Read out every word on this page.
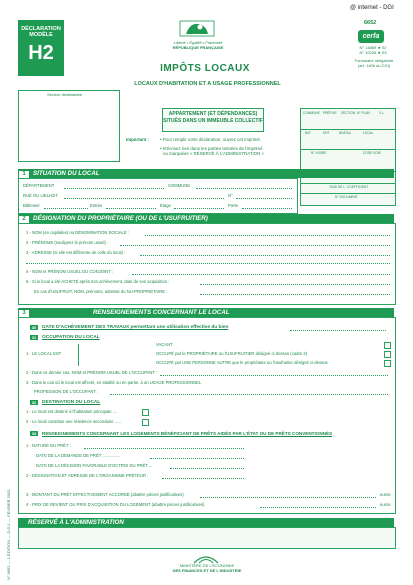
DÉCLARATION
MODÈLE
H2	Liberté • Égalité • Fraternité
RÉPUBLIQUE FRANÇAISE
@ internet - DGI
6652
cerfa
N° 14869 ★ 02
N° 10026 ★ 03
Formulaire obligatoire
(art. 1406 du CGI)
IMPÔTS LOCAUX
LOCAUX D'HABITATION ET A USAGE PROFESSIONNEL
Service destinataire
APPARTEMENT (ET DÉPENDANCES)
SITUÉS DANS UN IMMEUBLE COLLECTIF
Important :	• Pour remplir votre déclaration, ouvrez cet imprimé.
• N'écrivez rien dans les parties teintées de l'imprimé
ou marquées « RÉSERVÉ À L'ADMINISTRATION »
COMMUNE PRÉFIXE SECTION N° PLAN	V.L.
BAT	ENT	NIVEAU	LOCAL
N° VOIRIE	CODE VOIE
TAXE DE L' COEFFICIENT
N° DOCUMENT
1 SITUATION DU LOCAL
DÉPARTEMENT	COMMUNE
RUE OU LIEU-DIT	N°
Bâtiment	Entrée	Étage	Porte
2 DÉSIGNATION DU PROPRIÉTAIRE (OU DE L'USUFRUITIER)
1 - NOM (en capitales) ou DÉNOMINATION SOCIALE :
2 - PRÉNOMS (soulignez le prénom usuel) :
3 - ADRESSE (si elle est différente de celle du local) :
4 - NOM et PRÉNOM USUEL DU CONJOINT :
5 - Si le local a été ACHETÉ après son achèvement, date de son acquisition :
En cas d'USUFRUIT, NOM, prénoms, adresse du NU-PROPRIÉTAIRE :
3	RENSEIGNEMENTS CONCERNANT LE LOCAL
30	DATE D'ACHÈVEMENT DES TRAVAUX permettant une utilisation effective du bien
31	OCCUPATION DU LOCAL
1 - LE LOCAL EST
VACANT
OCCUPÉ par le PROPRIÉTAIRE ou l'USUFRUITIER désigné ci-dessus (cadre 2)
OCCUPÉ par UNE PERSONNE AUTRE que le propriétaire ou l'usufruitier désigné ci-dessus
2 - Dans ce dernier cas, NOM et PRÉNOM USUEL DE L'OCCUPANT :
3 - Dans le cas où le local est affecté, en totalité ou en partie, à un USAGE PROFESSIONNEL
PROFESSION DE L'OCCUPANT :
32	DESTINATION DU LOCAL
1 - Le local est destiné à l'habitation principale ....
2 - Le local constitue une résidence secondaire ......
33	RENSEIGNEMENTS CONCERNANT LES LOGEMENTS BÉNÉFICIANT DE PRÊTS AIDÉS PAR L'ÉTAT OU DE PRÊTS CONVENTIONNÉS
1 - NATURE DU PRÊT :
DATE DE LA DEMANDE DE PRÊT ...............
DATE DE LA DÉCISION FAVORABLE D'OCTROI DU PRÊT ...
2 - DÉSIGNATION ET ADRESSE DE L'ORGANISME PRÊTEUR :
3 - MONTANT DU PRÊT EFFECTIVEMENT ACCORDÉ (abattre pièces justificatives)	euros
4 - PRIX DE REVIENT OU PRIX D'ACQUISITION DU LOGEMENT (abattre pièces justificatives)	euros
RÉSERVÉ À L'ADMINISTRATION
MINISTÈRE DE L'ÉCONOMIE
DES FINANCES ET DE L'INDUSTRIE
N° 6652 — 1 ÉDITION — D.G.I. — FÉVRIER 2002
